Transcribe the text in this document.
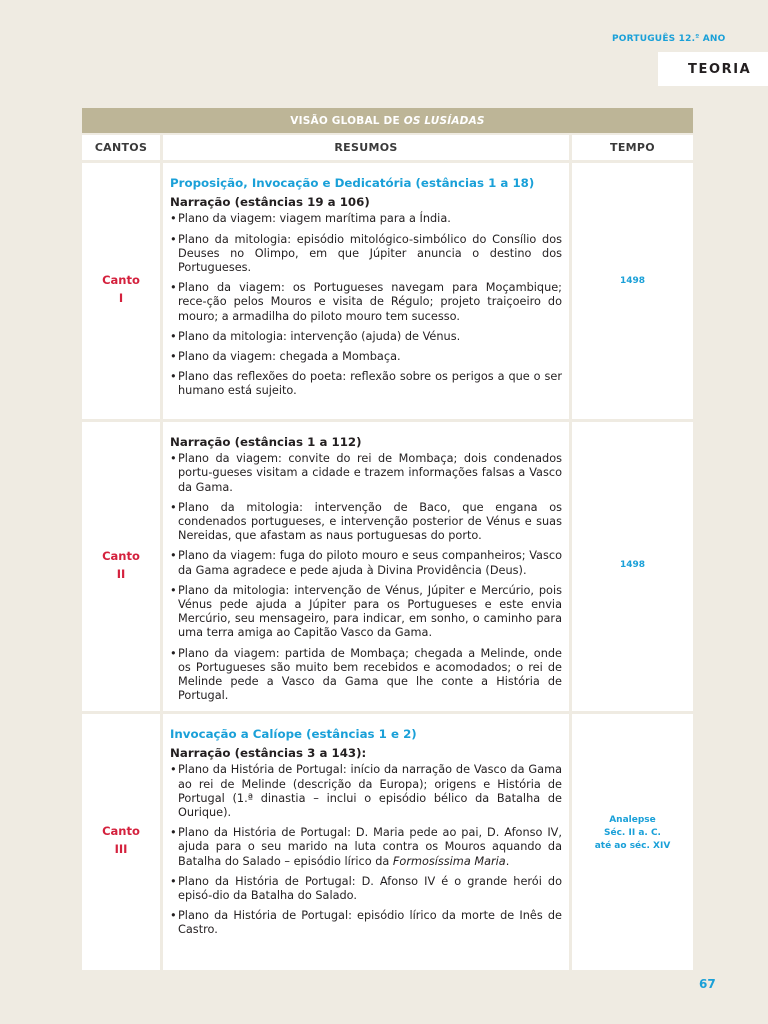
PORTUGUÊS 12.$^º$ ANO
TEORIA
VISÃO GLOBAL DE OS LUSÍADAS
CANTOS	RESUMOS	TEMPO
Canto
I
Proposição, Invocação e Dedicatória (estâncias 1 a 18)
Narração (estâncias 19 a 106)
• Plano da viagem: viagem marítima para a Índia.
• Plano da mitologia: episódio mitológico-simbólico do Consílio dos Deuses no Olimpo, em que Júpiter anuncia o destino dos Portugueses.
• Plano da viagem: os Portugueses navegam para Moçambique; rece-ção pelos Mouros e visita de Régulo; projeto traiçoeiro do mouro; a armadilha do piloto mouro tem sucesso.
• Plano da mitologia: intervenção (ajuda) de Vénus.
• Plano da viagem: chegada a Mombaça.
• Plano das reflexões do poeta: reflexão sobre os perigos a que o ser humano está sujeito.
1498
Canto
II
Narração (estâncias 1 a 112)
• Plano da viagem: convite do rei de Mombaça; dois condenados portu-gueses visitam a cidade e trazem informações falsas a Vasco da Gama.
• Plano da mitologia: intervenção de Baco, que engana os condenados portugueses, e intervenção posterior de Vénus e suas Nereidas, que afastam as naus portuguesas do porto.
• Plano da viagem: fuga do piloto mouro e seus companheiros; Vasco da Gama agradece e pede ajuda à Divina Providência (Deus).
• Plano da mitologia: intervenção de Vénus, Júpiter e Mercúrio, pois Vénus pede ajuda a Júpiter para os Portugueses e este envia Mercúrio, seu mensageiro, para indicar, em sonho, o caminho para uma terra amiga ao Capitão Vasco da Gama.
• Plano da viagem: partida de Mombaça; chegada a Melinde, onde os Portugueses são muito bem recebidos e acomodados; o rei de Melinde pede a Vasco da Gama que lhe conte a História de Portugal.
1498
Canto
III
Invocação a Calíope (estâncias 1 e 2)
Narração (estâncias 3 a 143):
• Plano da História de Portugal: início da narração de Vasco da Gama ao rei de Melinde (descrição da Europa); origens e História de Portugal (1.ª dinastia – inclui o episódio bélico da Batalha de Ourique).
• Plano da História de Portugal: D. Maria pede ao pai, D. Afonso IV, ajuda para o seu marido na luta contra os Mouros aquando da Batalha do Salado – episódio lírico da Formosíssima Maria.
• Plano da História de Portugal: D. Afonso IV é o grande herói do episó-dio da Batalha do Salado.
• Plano da História de Portugal: episódio lírico da morte de Inês de Castro.
Analepse
Séc. II a. C.
até ao séc. XIV
67
